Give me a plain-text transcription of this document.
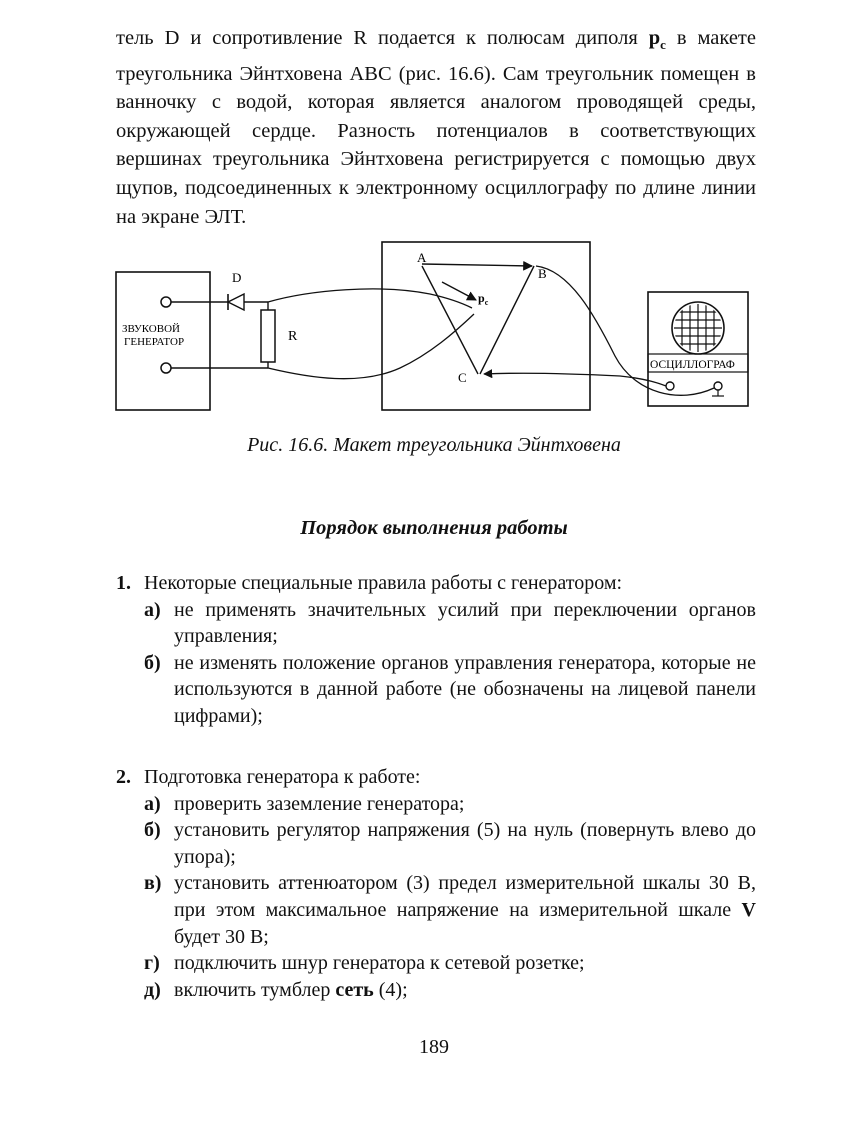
тель D и сопротивление R подается к полюсам диполя $p_c$ в макете треугольника Эйнтховена ABC (рис. 16.6). Сам треугольник помещен в ванночку с водой, которая является аналогом проводящей среды, окружающей сердце. Разность потенциалов в соответствующих вершинах треугольника Эйнтховена регистрируется с помощью двух щупов, подсоединенных к электронному осциллографу по длине линии на экране ЭЛТ.
ЗВУКОВОЙ
ГЕНЕРАТОР
D
R
A
B
C
$p_c$
ОСЦИЛЛОГРАФ
Рис. 16.6. Макет треугольника Эйнтховена
Порядок выполнения работы
1. Некоторые специальные правила работы с генератором:
а) не применять значительных усилий при переключении органов управления;
б) не изменять положение органов управления генератора, которые не используются в данной работе (не обозначены на лицевой панели цифрами);
2. Подготовка генератора к работе:
а) проверить заземление генератора;
б) установить регулятор напряжения (5) на нуль (повернуть влево до упора);
в) установить аттенюатором (3) предел измерительной шкалы 30 В, при этом максимальное напряжение на измерительной шкале V будет 30 В;
г) подключить шнур генератора к сетевой розетке;
д) включить тумблер сеть (4);
189
